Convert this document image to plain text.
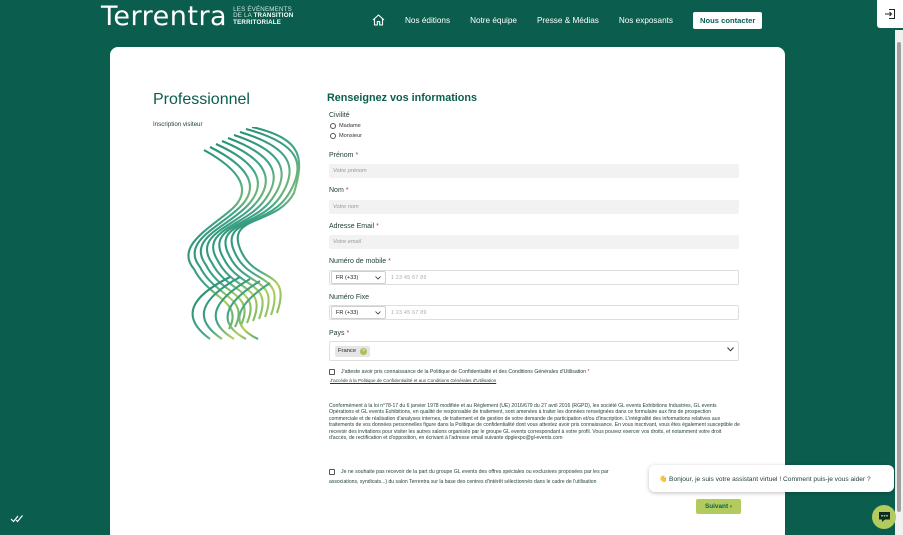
Terrentra LES ÉVÉNEMENTS
DE LA TRANSITION
TERRITORIALE	Nos éditions Notre équipe Presse & Médias Nos exposants	Nous contacter
Professionnel
Inscription visiteur
Renseignez vos informations
Civilité
Madame
Monsieur
Prénom *
Votre prénom
Nom *
Votre nom
Adresse Email *
Votre email
Numéro de mobile *
FR (+33)	1 23 45 67 89
Numéro Fixe
FR (+33)	1 23 45 67 89
Pays *
France	×
J'atteste avoir pris connaissance de la Politique de Confidentialité et des Conditions Générales d'Utilisation *
J'accède à la Politique de Confidentialité et aux Conditions Générales d'Utilisation
Conformément à la loi n°78-17 du 6 janvier 1978 modifiée et au Règlement (UE) 2016/679 du 27 avril 2016 (RGPD), les société GL events Exhibitions Industries, GL events Opérations et GL events Exhibitions, en qualité de responsable de traitement, sont amenées à traiter les données renseignées dans ce formulaire aux fins de prospection commerciale et de réalisation d'analyses internes, de traitement et de gestion de votre demande de participation et/ou d'inscription. L'intégralité des informations relatives aux traitements de vos données personnelles figure dans la Politique de confidentialité dont vous attestez avoir pris connaissance. En vous inscrivant, vous êtes également susceptible de recevoir des invitations pour visiter les autres salons organisés par le groupe GL events correspondant à votre profil. Vous pouvez exercer vos droits, et notamment votre droit d'accès, de rectification et d'opposition, en écrivant à l'adresse email suivante dpglexpo@gl-events.com
Je ne souhaite pas recevoir de la part du groupe GL events des offres spéciales ou exclusives proposées par les par
associations, syndicats...) du salon Terrentra sur la base des centres d'intérêt sélectionnés dans le cadre de l'utilisation
Suivant
›
👋 Bonjour, je suis votre assistant virtuel ! Comment puis-je vous aider ?
